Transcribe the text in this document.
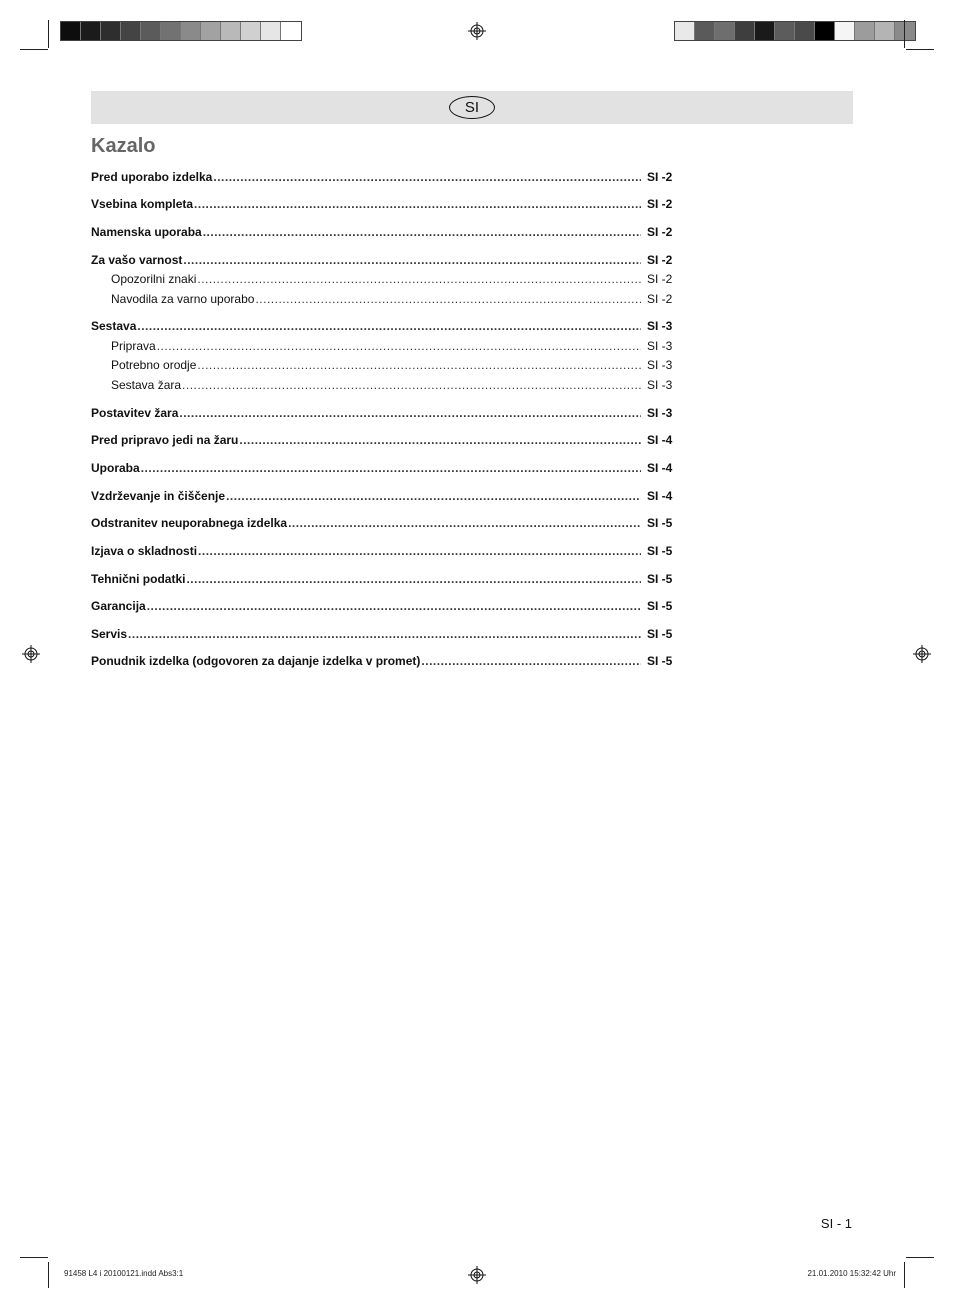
SI
Kazalo
Pred uporabo izdelka .....	SI -2
Vsebina kompleta .....	SI -2
Namenska uporaba .....	SI -2
Za vašo varnost .....	SI -2
Opozorilni znaki .....	SI -2
Navodila za varno uporabo .....	SI -2
Sestava .....	SI -3
Priprava .....	SI -3
Potrebno orodje .....	SI -3
Sestava žara .....	SI -3
Postavitev žara .....	SI -3
Pred pripravo jedi na žaru .....	SI -4
Uporaba .....	SI -4
Vzdrževanje in čiščenje .....	SI -4
Odstranitev neuporabnega izdelka .....	SI -5
Izjava o skladnosti .....	SI -5
Tehnični podatki .....	SI -5
Garancija .....	SI -5
Servis .....	SI -5
Ponudnik izdelka (odgovoren za dajanje izdelka v promet) .....	SI -5
SI - 1
91458 L4 i 20100121.indd Abs3:1	21.01.2010 15:32:42 Uhr
